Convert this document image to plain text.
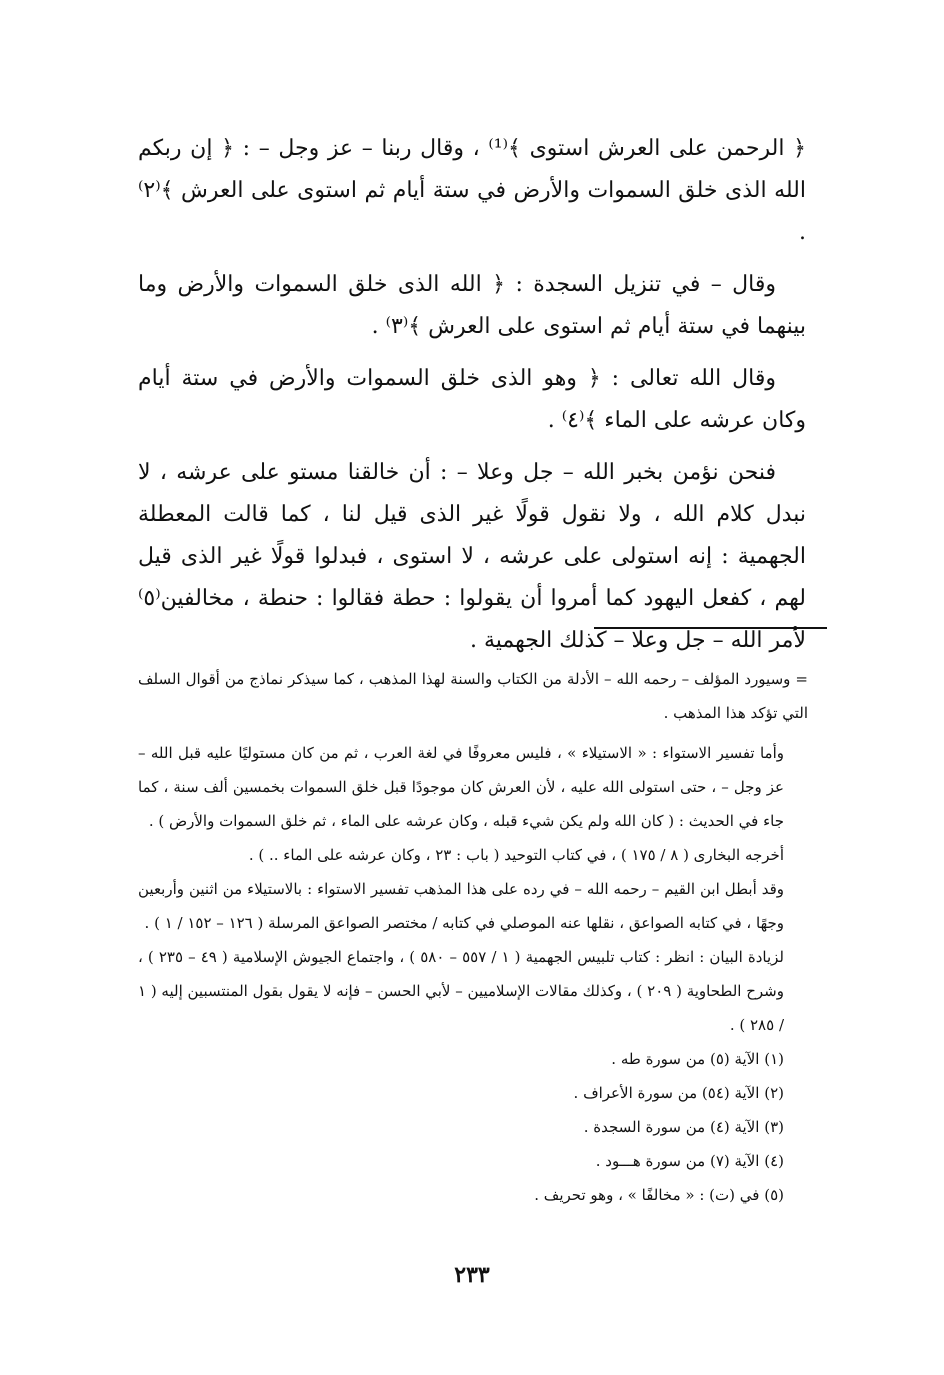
﴿ الرحمن على العرش استوى ﴾⁽¹⁾ ، وقال ربنا – عز وجل – : ﴿ إن ربكم الله الذى خلق السموات والأرض في ستة أيام ثم استوى على العرش ﴾⁽٢⁾ .

وقال – في تنزيل السجدة : ﴿ الله الذى خلق السموات والأرض وما بينهما في ستة أيام ثم استوى على العرش ﴾⁽٣⁾ .

وقال الله تعالى : ﴿ وهو الذى خلق السموات والأرض في ستة أيام وكان عرشه على الماء ﴾⁽٤⁾ .

فنحن نؤمن بخبر الله – جل وعلا – : أن خالقنا مستو على عرشه ، لا نبدل كلام الله ، ولا نقول قولًا غير الذى قيل لنا ، كما قالت المعطلة الجهمية : إنه استولى على عرشه ، لا استوى ، فبدلوا قولًا غير الذى قيل لهم ، كفعل اليهود كما أمروا أن يقولوا : حطة فقالوا : حنطة ، مخالفين⁽٥⁾ لأمر الله – جل وعلا – كذلك الجهمية .

= وسيورد المؤلف – رحمه الله – الأدلة من الكتاب والسنة لهذا المذهب ، كما سيذكر نماذج من أقوال السلف التي تؤكد هذا المذهب .

وأما تفسير الاستواء : « الاستيلاء » ، فليس معروفًا في لغة العرب ، ثم من كان مستوليًا عليه قبل الله – عز وجل – ، حتى استولى الله عليه ، لأن العرش كان موجودًا قبل خلق السموات بخمسين ألف سنة ، كما جاء في الحديث : ( كان الله ولم يكن شيء قبله ، وكان عرشه على الماء ، ثم خلق السموات والأرض ) .

أخرجه البخارى ( ٨ / ١٧٥ ) ، في كتاب التوحيد ( باب : ٢٣ ، وكان عرشه على الماء .. ) .

وقد أبطل ابن القيم – رحمه الله – في رده على هذا المذهب تفسير الاستواء : بالاستيلاء من اثنين وأربعين وجهًا ، في كتابه الصواعق ، نقلها عنه الموصلي في كتابه / مختصر الصواعق المرسلة ( ١٢٦ – ١٥٢ / ١ ) .

لزيادة البيان : انظر : كتاب تلبيس الجهمية ( ١ / ٥٥٧ – ٥٨٠ ) ، واجتماع الجيوش الإسلامية ( ٤٩ – ٢٣٥ ) ، وشرح الطحاوية ( ٢٠٩ ) ، وكذلك مقالات الإسلاميين – لأبي الحسن – فإنه لا يقول بقول المنتسبين إليه ( ١ / ٢٨٥ ) .

(١) الآية (٥) من سورة طه .

(٢) الآية (٥٤) من سورة الأعراف .

(٣) الآية (٤) من سورة السجدة .

(٤) الآية (٧) من سورة هـــود .

(٥) في (ت) : « مخالفًا » ، وهو تحريف .

٢٣٣
